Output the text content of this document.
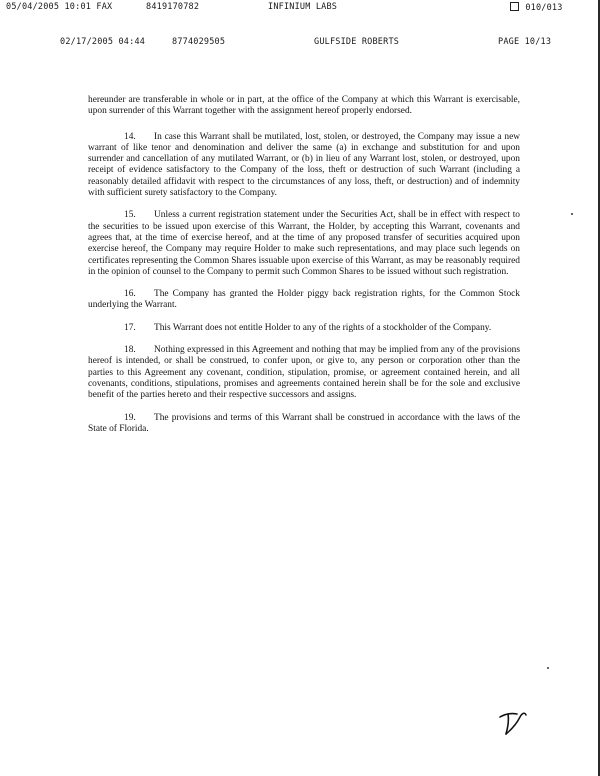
05/04/2005 10:01 FAX	8419170782	INFINIUM LABS	010/013
02/17/2005 04:44	8774029505	GULFSIDE ROBERTS	PAGE 10/13

hereunder are transferable in whole or in part, at the office of the Company at which this Warrant is exercisable, upon surrender of this Warrant together with the assignment hereof properly endorsed.

14. In case this Warrant shall be mutilated, lost, stolen, or destroyed, the Company may issue a new warrant of like tenor and denomination and deliver the same (a) in exchange and substitution for and upon surrender and cancellation of any mutilated Warrant, or (b) in lieu of any Warrant lost, stolen, or destroyed, upon receipt of evidence satisfactory to the Company of the loss, theft or destruction of such Warrant (including a reasonably detailed affidavit with respect to the circumstances of any loss, theft, or destruction) and of indemnity with sufficient surety satisfactory to the Company.

15. Unless a current registration statement under the Securities Act, shall be in effect with respect to the securities to be issued upon exercise of this Warrant, the Holder, by accepting this Warrant, covenants and agrees that, at the time of exercise hereof, and at the time of any proposed transfer of securities acquired upon exercise hereof, the Company may require Holder to make such representations, and may place such legends on certificates representing the Common Shares issuable upon exercise of this Warrant, as may be reasonably required in the opinion of counsel to the Company to permit such Common Shares to be issued without such registration.

16. The Company has granted the Holder piggy back registration rights, for the Common Stock underlying the Warrant.

17. This Warrant does not entitle Holder to any of the rights of a stockholder of the Company.

18. Nothing expressed in this Agreement and nothing that may be implied from any of the provisions hereof is intended, or shall be construed, to confer upon, or give to, any person or corporation other than the parties to this Agreement any covenant, condition, stipulation, promise, or agreement contained herein, and all covenants, conditions, stipulations, promises and agreements contained herein shall be for the sole and exclusive benefit of the parties hereto and their respective successors and assigns.

19. The provisions and terms of this Warrant shall be construed in accordance with the laws of the State of Florida.
